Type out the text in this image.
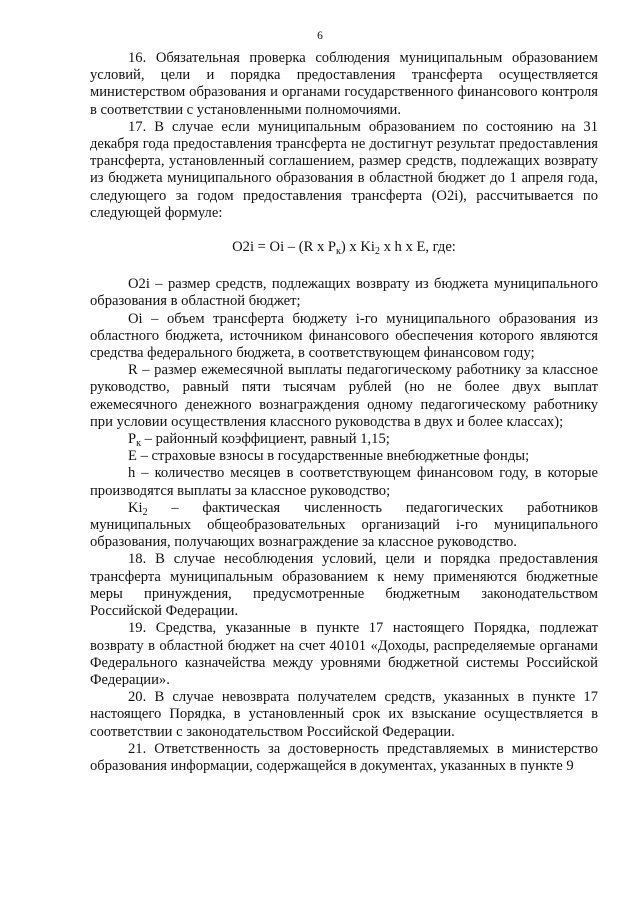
6

16. Обязательная проверка соблюдения муниципальным образованием условий, цели и порядка предоставления трансферта осуществляется министерством образования и органами государственного финансового контроля в соответствии с установленными полномочиями.

17. В случае если муниципальным образованием по состоянию на 31 декабря года предоставления трансферта не достигнут результат предоставления трансферта, установленный соглашением, размер средств, подлежащих возврату из бюджета муниципального образования в областной бюджет до 1 апреля года, следующего за годом предоставления трансферта (O2i), рассчитывается по следующей формуле:

O2i = Oi – (R x $P_к$) x $Ki_2$ x h x E, где:

O2i – размер средств, подлежащих возврату из бюджета муниципального образования в областной бюджет;

Oi – объем трансферта бюджету i-го муниципального образования из областного бюджета, источником финансового обеспечения которого являются средства федерального бюджета, в соответствующем финансовом году;

R – размер ежемесячной выплаты педагогическому работнику за классное руководство, равный пяти тысячам рублей (но не более двух выплат ежемесячного денежного вознаграждения одному педагогическому работнику при условии осуществления классного руководства в двух и более классах);

$P_к$ – районный коэффициент, равный 1,15;

E – страховые взносы в государственные внебюджетные фонды;

h – количество месяцев в соответствующем финансовом году, в которые производятся выплаты за классное руководство;

$Ki_2$ – фактическая численность педагогических работников муниципальных общеобразовательных организаций i-го муниципального образования, получающих вознаграждение за классное руководство.

18. В случае несоблюдения условий, цели и порядка предоставления трансферта муниципальным образованием к нему применяются бюджетные меры принуждения, предусмотренные бюджетным законодательством Российской Федерации.

19. Средства, указанные в пункте 17 настоящего Порядка, подлежат возврату в областной бюджет на счет 40101 «Доходы, распределяемые органами Федерального казначейства между уровнями бюджетной системы Российской Федерации».

20. В случае невозврата получателем средств, указанных в пункте 17 настоящего Порядка, в установленный срок их взыскание осуществляется в соответствии с законодательством Российской Федерации.

21. Ответственность за достоверность представляемых в министерство образования информации, содержащейся в документах, указанных в пункте 9
